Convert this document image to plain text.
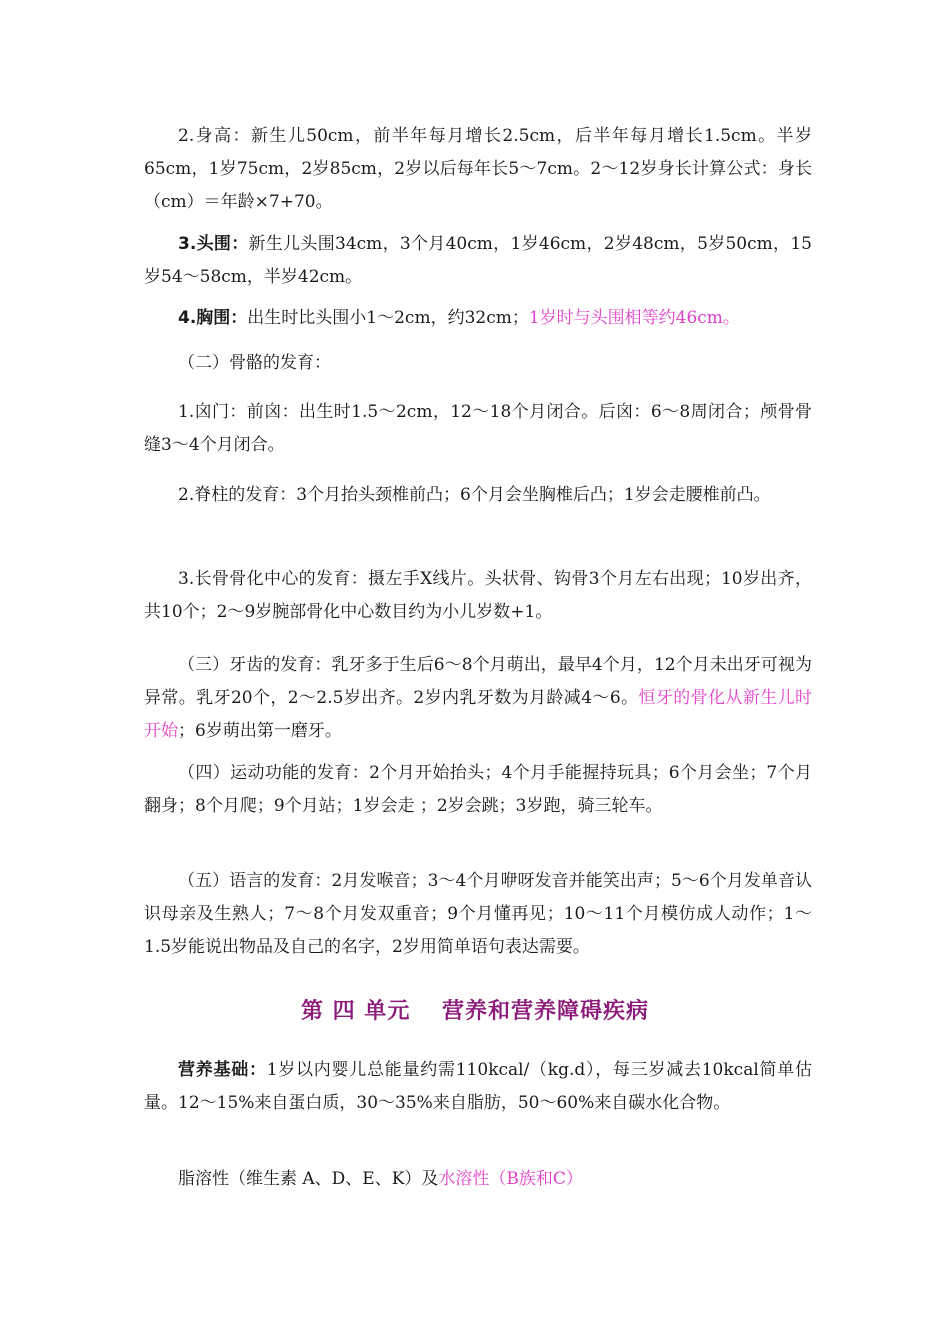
2.身高：新生儿50cm，前半年每月增长2.5cm，后半年每月增长1.5cm。半岁65cm，1岁75cm，2岁85cm，2岁以后每年长5～7cm。2～12岁身长计算公式：身长（cm）＝年龄×7+70。

3.头围：新生儿头围34cm，3个月40cm，1岁46cm，2岁48cm，5岁50cm，15岁54～58cm，半岁42cm。

4.胸围：出生时比头围小1～2cm，约32cm；1岁时与头围相等约46cm。

（二）骨骼的发育：

1.囟门：前囟：出生时1.5～2cm，12～18个月闭合。后囟：6～8周闭合；颅骨骨缝3～4个月闭合。

2.脊柱的发育：3个月抬头颈椎前凸；6个月会坐胸椎后凸；1岁会走腰椎前凸。

3.长骨骨化中心的发育：摄左手X线片。头状骨、钩骨3个月左右出现；10岁出齐，共10个；2～9岁腕部骨化中心数目约为小儿岁数+1。

（三）牙齿的发育：乳牙多于生后6～8个月萌出，最早4个月，12个月未出牙可视为异常。乳牙20个，2～2.5岁出齐。2岁内乳牙数为月龄减4～6。恒牙的骨化从新生儿时开始；6岁萌出第一磨牙。

（四）运动功能的发育：2个月开始抬头；4个月手能握持玩具；6个月会坐；7个月翻身；8个月爬；9个月站；1岁会走 ；2岁会跳；3岁跑，骑三轮车。

（五）语言的发育：2月发喉音；3～4个月咿呀发音并能笑出声；5～6个月发单音认识母亲及生熟人；7～8个月发双重音；9个月懂再见；10～11个月模仿成人动作；1～1.5岁能说出物品及自己的名字，2岁用简单语句表达需要。

第 四 单元　 营养和营养障碍疾病

营养基础：1岁以内婴儿总能量约需110kcal/（kg.d），每三岁减去10kcal简单估量。12～15%来自蛋白质，30～35%来自脂肪，50～60%来自碳水化合物。

脂溶性（维生素 A、D、E、K）及水溶性（B族和C）
